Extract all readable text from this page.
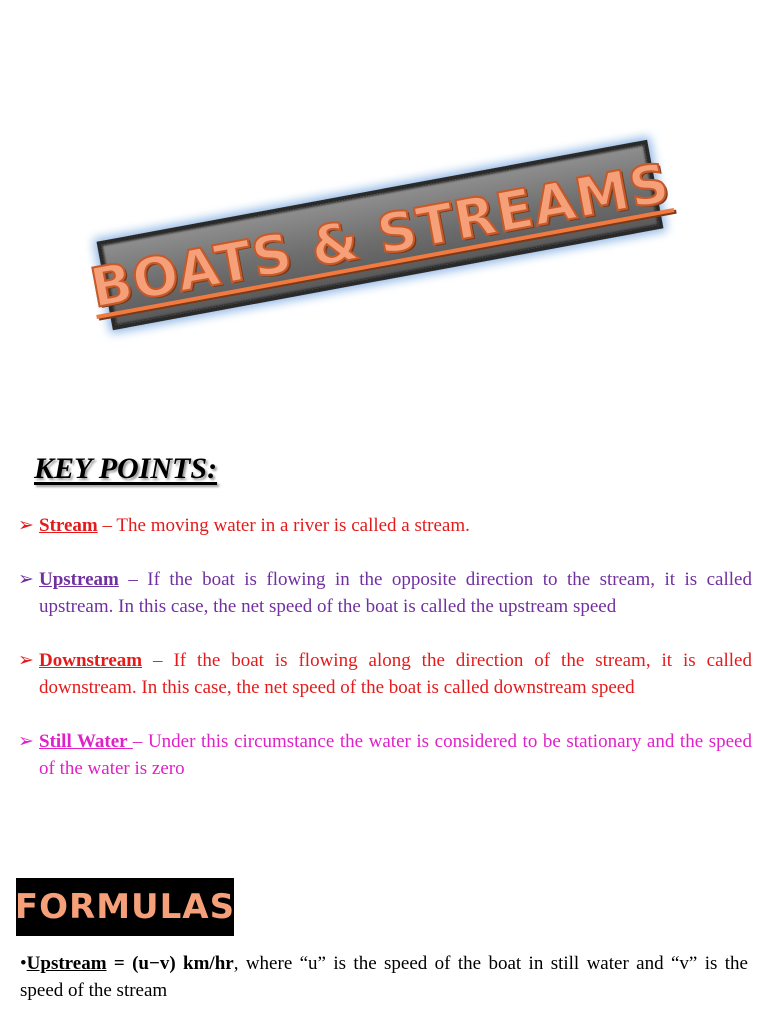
BOATS & STREAMS
KEY POINTS:
➢ Stream – The moving water in a river is called a stream.
➢ Upstream – If the boat is flowing in the opposite direction to the stream, it is called upstream. In this case, the net speed of the boat is called the upstream speed
➢ Downstream – If the boat is flowing along the direction of the stream, it is called downstream. In this case, the net speed of the boat is called downstream speed
➢ Still Water – Under this circumstance the water is considered to be stationary and the speed of the water is zero
FORMULAS
•Upstream = (u−v) km/hr, where “u” is the speed of the boat in still water and “v” is the speed of the stream
